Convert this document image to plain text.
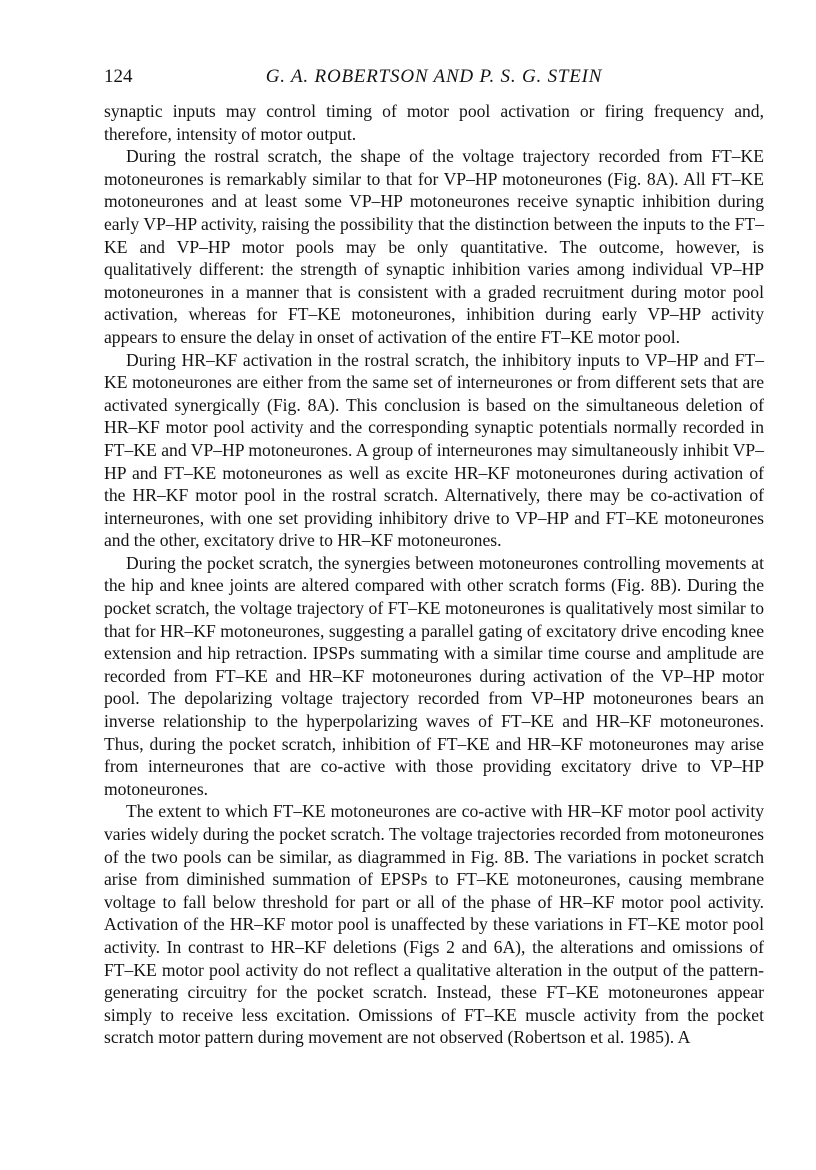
124	G. A. ROBERTSON AND P. S. G. STEIN

synaptic inputs may control timing of motor pool activation or firing frequency and, therefore, intensity of motor output.

During the rostral scratch, the shape of the voltage trajectory recorded from FT–KE motoneurones is remarkably similar to that for VP–HP motoneurones (Fig. 8A). All FT–KE motoneurones and at least some VP–HP motoneurones receive synaptic inhibition during early VP–HP activity, raising the possibility that the distinction between the inputs to the FT–KE and VP–HP motor pools may be only quantitative. The outcome, however, is qualitatively different: the strength of synaptic inhibition varies among individual VP–HP motoneurones in a manner that is consistent with a graded recruitment during motor pool activation, whereas for FT–KE motoneurones, inhibition during early VP–HP activity appears to ensure the delay in onset of activation of the entire FT–KE motor pool.

During HR–KF activation in the rostral scratch, the inhibitory inputs to VP–HP and FT–KE motoneurones are either from the same set of interneurones or from different sets that are activated synergically (Fig. 8A). This conclusion is based on the simultaneous deletion of HR–KF motor pool activity and the corresponding synaptic potentials normally recorded in FT–KE and VP–HP motoneurones. A group of interneurones may simultaneously inhibit VP–HP and FT–KE motoneurones as well as excite HR–KF motoneurones during activation of the HR–KF motor pool in the rostral scratch. Alternatively, there may be co-activation of interneurones, with one set providing inhibitory drive to VP–HP and FT–KE motoneurones and the other, excitatory drive to HR–KF motoneurones.

During the pocket scratch, the synergies between motoneurones controlling movements at the hip and knee joints are altered compared with other scratch forms (Fig. 8B). During the pocket scratch, the voltage trajectory of FT–KE motoneurones is qualitatively most similar to that for HR–KF motoneurones, suggesting a parallel gating of excitatory drive encoding knee extension and hip retraction. IPSPs summating with a similar time course and amplitude are recorded from FT–KE and HR–KF motoneurones during activation of the VP–HP motor pool. The depolarizing voltage trajectory recorded from VP–HP motoneurones bears an inverse relationship to the hyperpolarizing waves of FT–KE and HR–KF motoneurones. Thus, during the pocket scratch, inhibition of FT–KE and HR–KF motoneurones may arise from interneurones that are co-active with those providing excitatory drive to VP–HP motoneurones.

The extent to which FT–KE motoneurones are co-active with HR–KF motor pool activity varies widely during the pocket scratch. The voltage trajectories recorded from motoneurones of the two pools can be similar, as diagrammed in Fig. 8B. The variations in pocket scratch arise from diminished summation of EPSPs to FT–KE motoneurones, causing membrane voltage to fall below threshold for part or all of the phase of HR–KF motor pool activity. Activation of the HR–KF motor pool is unaffected by these variations in FT–KE motor pool activity. In contrast to HR–KF deletions (Figs 2 and 6A), the alterations and omissions of FT–KE motor pool activity do not reflect a qualitative alteration in the output of the pattern-generating circuitry for the pocket scratch. Instead, these FT–KE motoneurones appear simply to receive less excitation. Omissions of FT–KE muscle activity from the pocket scratch motor pattern during movement are not observed (Robertson et al. 1985). A
